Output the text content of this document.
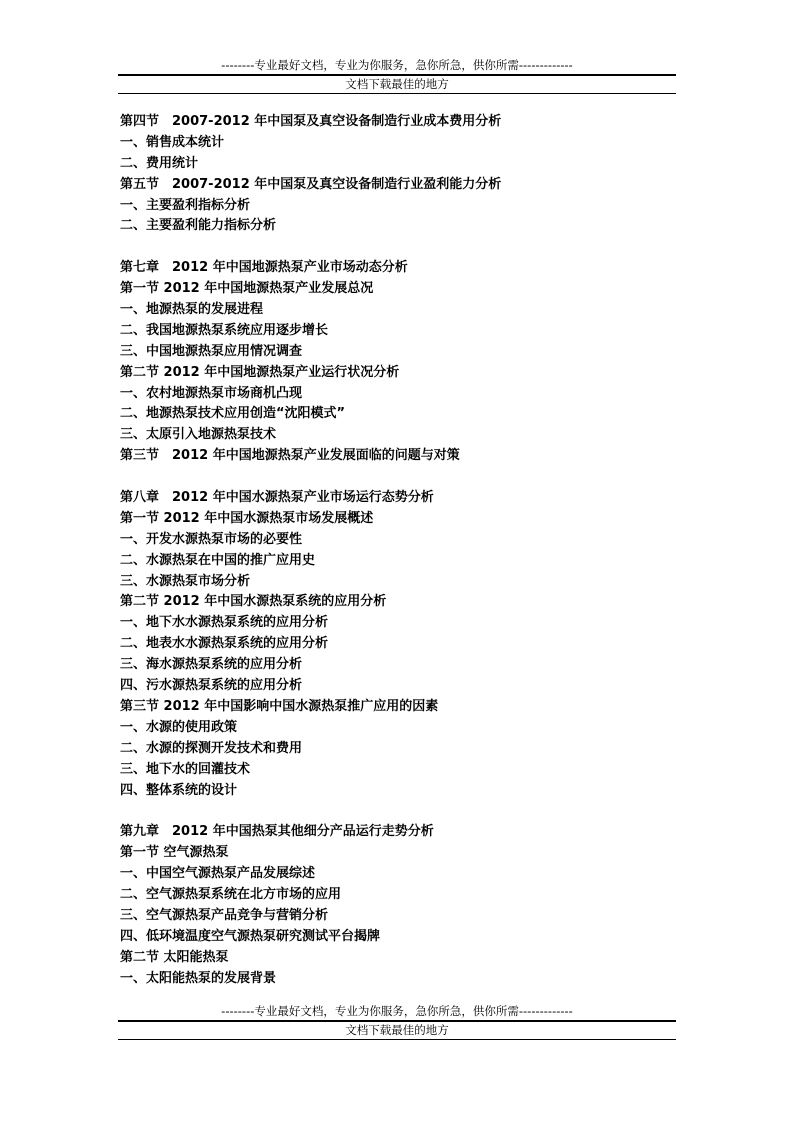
--------专业最好文档，专业为你服务，急你所急，供你所需-------------
文档下载最佳的地方
第四节　2007-2012 年中国泵及真空设备制造行业成本费用分析
一、销售成本统计
二、费用统计
第五节　2007-2012 年中国泵及真空设备制造行业盈利能力分析
一、主要盈利指标分析
二、主要盈利能力指标分析
第七章　2012 年中国地源热泵产业市场动态分析
第一节 2012 年中国地源热泵产业发展总况
一、地源热泵的发展进程
二、我国地源热泵系统应用逐步增长
三、中国地源热泵应用情况调查
第二节 2012 年中国地源热泵产业运行状况分析
一、农村地源热泵市场商机凸现
二、地源热泵技术应用创造“沈阳模式”
三、太原引入地源热泵技术
第三节　2012 年中国地源热泵产业发展面临的问题与对策
第八章　2012 年中国水源热泵产业市场运行态势分析
第一节 2012 年中国水源热泵市场发展概述
一、开发水源热泵市场的必要性
二、水源热泵在中国的推广应用史
三、水源热泵市场分析
第二节 2012 年中国水源热泵系统的应用分析
一、地下水水源热泵系统的应用分析
二、地表水水源热泵系统的应用分析
三、海水源热泵系统的应用分析
四、污水源热泵系统的应用分析
第三节 2012 年中国影响中国水源热泵推广应用的因素
一、水源的使用政策
二、水源的探测开发技术和费用
三、地下水的回灌技术
四、整体系统的设计
第九章　2012 年中国热泵其他细分产品运行走势分析
第一节 空气源热泵
一、中国空气源热泵产品发展综述
二、空气源热泵系统在北方市场的应用
三、空气源热泵产品竞争与营销分析
四、低环境温度空气源热泵研究测试平台揭牌
第二节 太阳能热泵
一、太阳能热泵的发展背景
--------专业最好文档，专业为你服务，急你所急，供你所需-------------
文档下载最佳的地方
